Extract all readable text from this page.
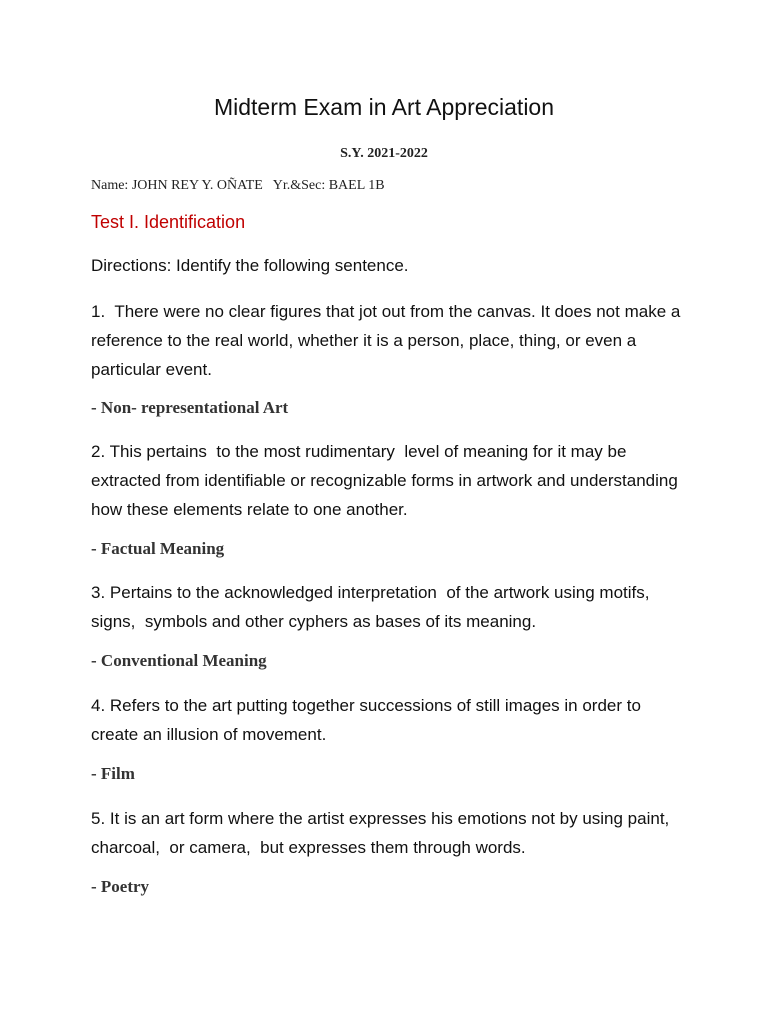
Midterm Exam in Art Appreciation
S.Y. 2021-2022
Name: JOHN REY Y. OÑATE   Yr.&Sec: BAEL 1B
Test I. Identification
Directions: Identify the following sentence.

1.  There were no clear figures that jot out from the canvas. It does not make a reference to the real world, whether it is a person, place, thing, or even a particular event.

- Non- representational Art

2. This pertains  to the most rudimentary  level of meaning for it may be extracted from identifiable or recognizable forms in artwork and understanding how these elements relate to one another.

- Factual Meaning

3. Pertains to the acknowledged interpretation  of the artwork using motifs, signs,  symbols and other cyphers as bases of its meaning.

- Conventional Meaning

4. Refers to the art putting together successions of still images in order to create an illusion of movement.

- Film

5. It is an art form where the artist expresses his emotions not by using paint,  charcoal,  or camera,  but expresses them through words.

- Poetry
